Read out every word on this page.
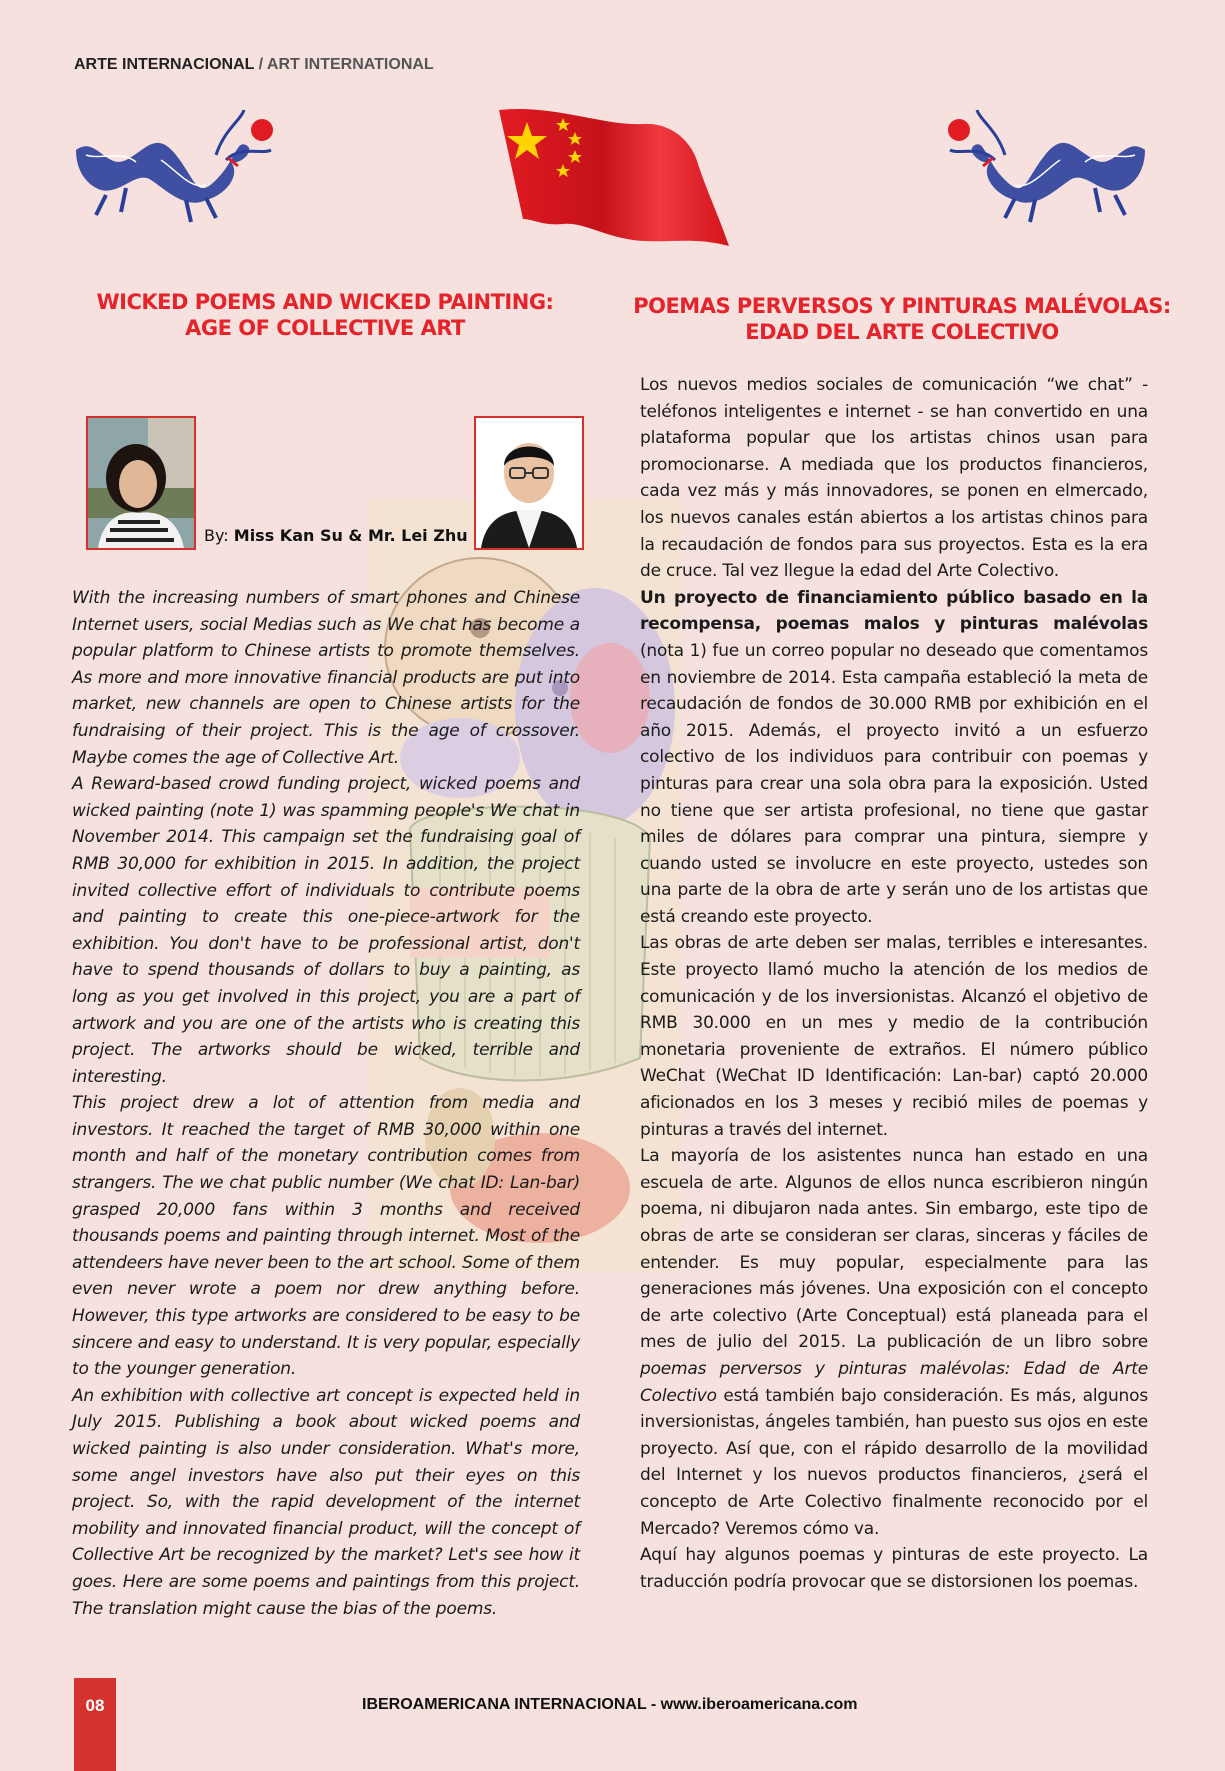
ARTE INTERNACIONAL / ART INTERNATIONAL
WICKED POEMS AND WICKED PAINTING:
AGE OF COLLECTIVE ART
POEMAS PERVERSOS Y PINTURAS MALÉVOLAS:
EDAD DEL ARTE COLECTIVO
By: Miss Kan Su & Mr. Lei Zhu

With the increasing numbers of smart phones and Chinese Internet users, social Medias such as We chat has become a popular platform to Chinese artists to promote themselves. As more and more innovative financial products are put into market, new channels are open to Chinese artists for the fundraising of their project. This is the age of crossover. Maybe comes the age of Collective Art.

A Reward-based crowd funding project, wicked poems and wicked painting (note 1) was spamming people's We chat in November 2014. This campaign set the fundraising goal of RMB 30,000 for exhibition in 2015. In addition, the project invited collective effort of individuals to contribute poems and painting to create this one-piece-artwork for the exhibition. You don't have to be professional artist, don't have to spend thousands of dollars to buy a painting, as long as you get involved in this project, you are a part of artwork and you are one of the artists who is creating this project. The artworks should be wicked, terrible and interesting.

This project drew a lot of attention from media and investors. It reached the target of RMB 30,000 within one month and half of the monetary contribution comes from strangers. The we chat public number (We chat ID: Lan-bar) grasped 20,000 fans within 3 months and received thousands poems and painting through internet. Most of the attendeers have never been to the art school. Some of them even never wrote a poem nor drew anything before. However, this type artworks are considered to be easy to be sincere and easy to understand. It is very popular, especially to the younger generation.

An exhibition with collective art concept is expected held in July 2015. Publishing a book about wicked poems and wicked painting is also under consideration. What's more, some angel investors have also put their eyes on this project. So, with the rapid development of the internet mobility and innovated financial product, will the concept of Collective Art be recognized by the market? Let's see how it goes. Here are some poems and paintings from this project. The translation might cause the bias of the poems.

Los nuevos medios sociales de comunicación “we chat” - teléfonos inteligentes e internet - se han convertido en una plataforma popular que los artistas chinos usan para promocionarse. A mediada que los productos financieros, cada vez más y más innovadores, se ponen en elmercado, los nuevos canales están abiertos a los artistas chinos para la recaudación de fondos para sus proyectos. Esta es la era de cruce. Tal vez llegue la edad del Arte Colectivo.

Un proyecto de financiamiento público basado en la recompensa, poemas malos y pinturas malévolas (nota 1) fue un correo popular no deseado que comentamos en noviembre de 2014. Esta campaña estableció la meta de recaudación de fondos de 30.000 RMB por exhibición en el año 2015. Además, el proyecto invitó a un esfuerzo colectivo de los individuos para contribuir con poemas y pinturas para crear una sola obra para la exposición. Usted no tiene que ser artista profesional, no tiene que gastar miles de dólares para comprar una pintura, siempre y cuando usted se involucre en este proyecto, ustedes son una parte de la obra de arte y serán uno de los artistas que está creando este proyecto.

Las obras de arte deben ser malas, terribles e interesantes. Este proyecto llamó mucho la atención de los medios de comunicación y de los inversionistas. Alcanzó el objetivo de RMB 30.000 en un mes y medio de la contribución monetaria proveniente de extraños. El número público WeChat (WeChat ID Identificación: Lan-bar) captó 20.000 aficionados en los 3 meses y recibió miles de poemas y pinturas a través del internet.

La mayoría de los asistentes nunca han estado en una escuela de arte. Algunos de ellos nunca escribieron ningún poema, ni dibujaron nada antes. Sin embargo, este tipo de obras de arte se consideran ser claras, sinceras y fáciles de entender. Es muy popular, especialmente para las generaciones más jóvenes. Una exposición con el concepto de arte colectivo (Arte Conceptual) está planeada para el mes de julio del 2015. La publicación de un libro sobre poemas perversos y pinturas malévolas: Edad de Arte Colectivo está también bajo consideración. Es más, algunos inversionistas, ángeles también, han puesto sus ojos en este proyecto. Así que, con el rápido desarrollo de la movilidad del Internet y los nuevos productos financieros, ¿será el concepto de Arte Colectivo finalmente reconocido por el Mercado? Veremos cómo va.

Aquí hay algunos poemas y pinturas de este proyecto. La traducción podría provocar que se distorsionen los poemas.

08	IBEROAMERICANA INTERNACIONAL - www.iberoamericana.com
